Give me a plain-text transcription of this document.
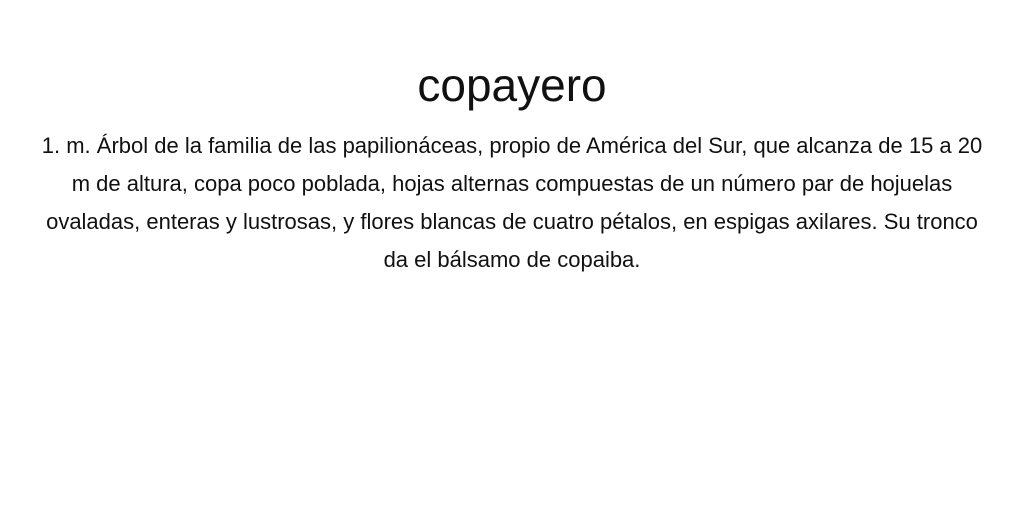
copayero

1. m. Árbol de la familia de las papilionáceas, propio de América del Sur, que alcanza de 15 a 20 m de altura, copa poco poblada, hojas alternas compuestas de un número par de hojuelas ovaladas, enteras y lustrosas, y flores blancas de cuatro pétalos, en espigas axilares. Su tronco da el bálsamo de copaiba.
